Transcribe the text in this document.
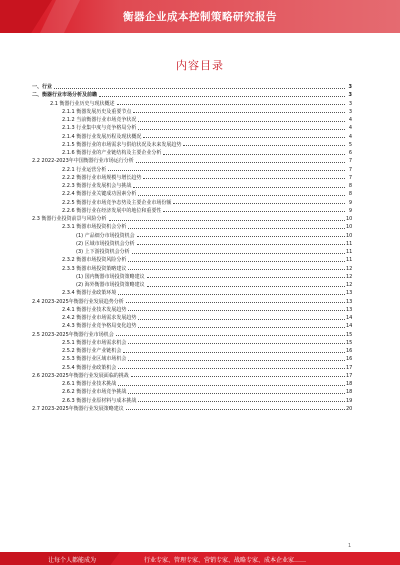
衡器企业成本控制策略研究报告
内容目录
一、行业	3
二、衡器行业市场分析及前瞻	3
2.1 衡器行业历史与现状概述	3
2.1.1 衡器发展历史及重要节点	3
2.1.2 当前衡器行业市场竞争状况	4
2.1.3 行业集中度与竞争格局分析	4
2.1.4 衡器行业发展历程及现状概况	4
2.1.5 衡器行业的市场需求与供给状况及未来发展趋势	5
2.1.6 衡器行业的产业链结构及主要企业分析	6
2.2 2022-2023年中国衡器行业市场运行分析	7
2.2.1 行业运营分析	7
2.2.2 衡器行业市场规模与增长趋势	7
2.2.3 衡器行业发展机会与挑战	8
2.2.4 衡器行业关键成功因素分析	8
2.2.5 衡器行业市场竞争态势及主要企业市场份额	9
2.2.6 衡器行业在经济发展中的地位和重要性	9
2.3 衡器行业投资前景与风险分析	10
2.3.1 衡器市场投资机会分析	10
(1) 产品细分市场投资机会	10
(2) 区域市场投资机会分析	11
(3) 上下游投资机会分析	11
2.3.2 衡器市场投资风险分析	11
2.3.3 衡器市场投资策略建议	12
(1) 国内衡器市场投资策略建议	12
(2) 海外衡器市场投资策略建议	12
2.3.4 衡器行业政策环境	13
2.4 2023-2025年衡器行业发展趋势分析	13
2.4.1 衡器行业技术发展趋势	13
2.4.2 衡器行业市场需求发展趋势	14
2.4.3 衡器行业竞争格局变化趋势	14
2.5 2023-2025年衡器行业市场机会	15
2.5.1 衡器行业市场需求机会	15
2.5.2 衡器行业产业链机会	16
2.5.3 衡器行业区域市场机会	16
2.5.4 衡器行业政策机会	17
2.6 2023-2025年衡器行业发展面临的挑战	17
2.6.1 衡器行业技术挑战	18
2.6.2 衡器行业市场竞争挑战	18
2.6.3 衡器行业原材料与成本挑战	19
2.7 2023-2025年衡器行业发展策略建议	20
1
让每个人都能成为	行业专家、管理专家、营销专家、战略专家、成本企业家……
